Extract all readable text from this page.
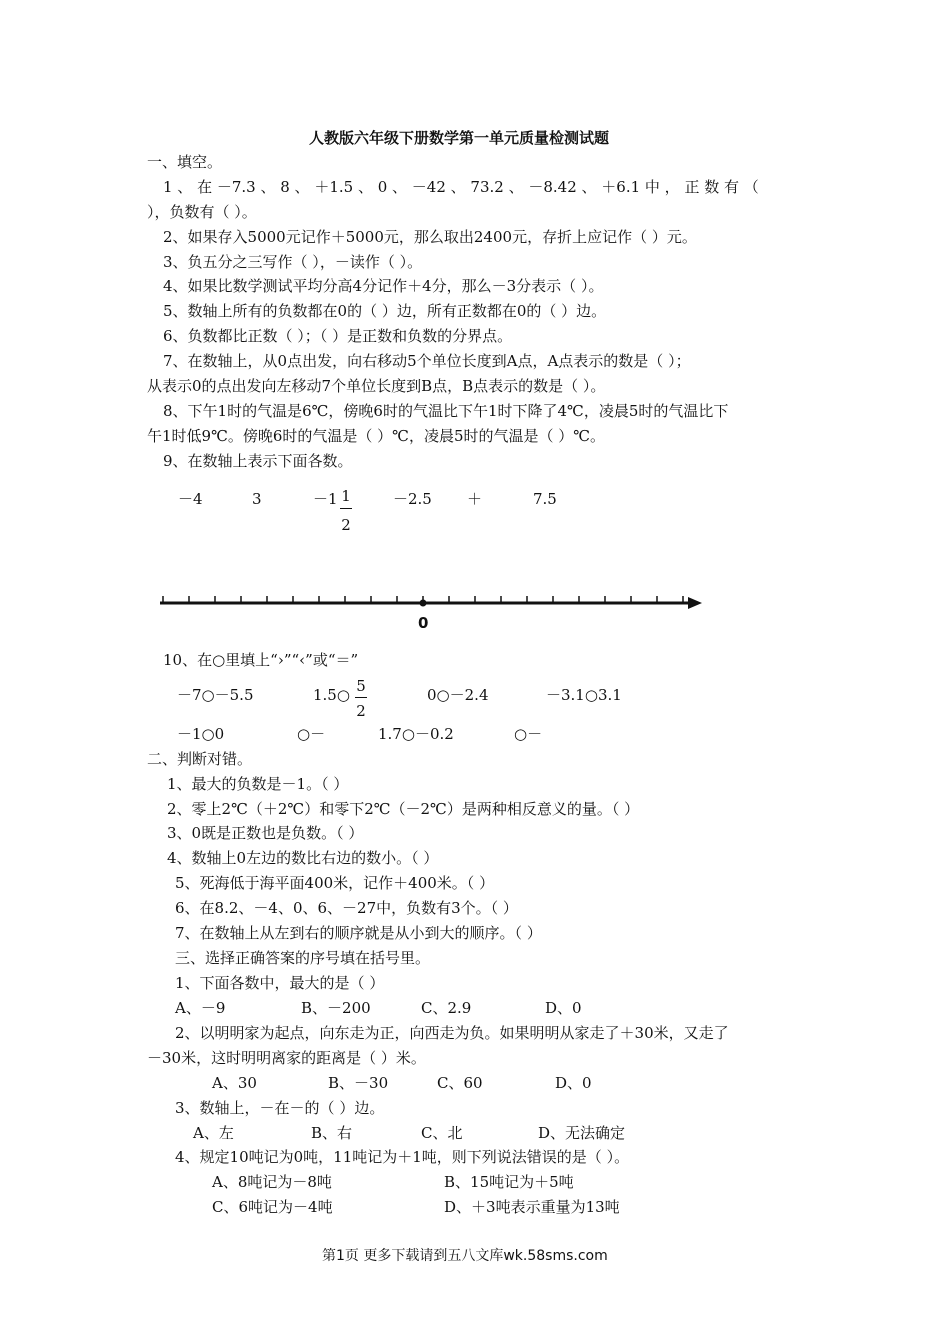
人教版六年级下册数学第一单元质量检测试题
一、填空。
1 、 在 －7.3 、 8 、 ＋1.5 、 0 、 －42 、 73.2 、 －8.42 、 ＋6.1 中 ， 正 数 有 （
），负数有（ ）。
2、如果存入5000元记作＋5000元，那么取出2400元，存折上应记作（ ）元。
3、负五分之三写作（ ），－读作（ ）。
4、如果比数学测试平均分高4分记作＋4分，那么－3分表示（ ）。
5、数轴上所有的负数都在0的（ ）边，所有正数都在0的（ ）边。
6、负数都比正数（ ）；（ ）是正数和负数的分界点。
7、在数轴上，从0点出发，向右移动5个单位长度到A点，A点表示的数是（ ）；
从表示0的点出发向左移动7个单位长度到B点，B点表示的数是（ ）。
8、下午1时的气温是6℃，傍晚6时的气温比下午1时下降了4℃，凌晨5时的气温比下
午1时低9℃。傍晚6时的气温是（ ）℃，凌晨5时的气温是（ ）℃。
9、在数轴上表示下面各数。
－4	3	－1 1
2
－2.5 ＋	7.5
0
10、在○里填上“›”“‹”或“＝”
－7○－5.5	1.5○ 5
2
0○－2.4	－3.1○3.1
－1○0	○－	1.7○－0.2	○－
二、判断对错。
1、最大的负数是－1。（ ）
2、零上2℃（＋2℃）和零下2℃（－2℃）是两种相反意义的量。（ ）
3、0既是正数也是负数。（ ）
4、数轴上0左边的数比右边的数小。（ ）
5、死海低于海平面400米，记作＋400米。（ ）
6、在8.2、－4、0、6、－27中，负数有3个。（ ）
7、在数轴上从左到右的顺序就是从小到大的顺序。（ ）
三、选择正确答案的序号填在括号里。
1、下面各数中，最大的是（ ）
A、－9	B、－200	C、2.9	D、0
2、以明明家为起点，向东走为正，向西走为负。如果明明从家走了＋30米，又走了
－30米，这时明明离家的距离是（ ）米。
A、30	B、－30	C、60	D、0
3、数轴上，－在－的（ ）边。
A、左	B、右	C、北	D、无法确定
4、规定10吨记为0吨，11吨记为＋1吨，则下列说法错误的是（ ）。
A、8吨记为－8吨	B、15吨记为＋5吨
C、6吨记为－4吨	D、＋3吨表示重量为13吨
第1页 更多下载请到五八文库wk.58sms.com
